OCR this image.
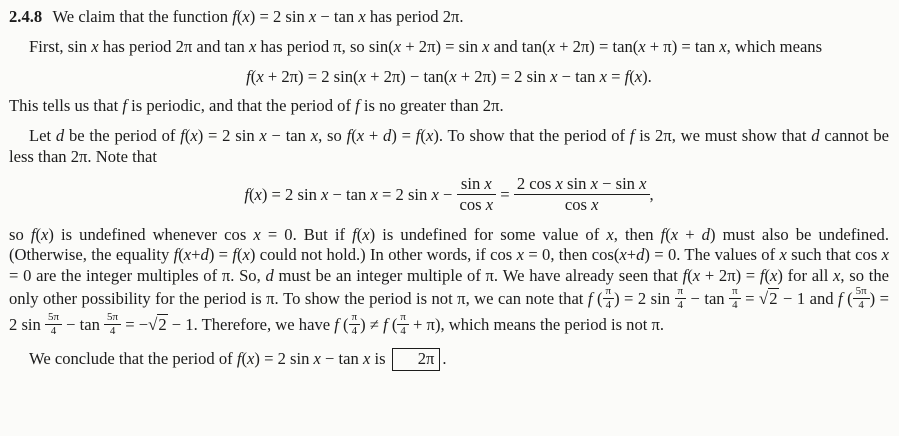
2.4.8 We claim that the function f(x) = 2 sin x − tan x has period 2π.

First, sin x has period 2π and tan x has period π, so sin(x + 2π) = sin x and tan(x + 2π) = tan(x + π) = tan x, which means

f(x + 2π) = 2 sin(x + 2π) − tan(x + 2π) = 2 sin x − tan x = f(x).

This tells us that f is periodic, and that the period of f is no greater than 2π.

Let d be the period of f(x) = 2 sin x − tan x, so f(x + d) = f(x). To show that the period of f is 2π, we must show that d cannot be less than 2π. Note that

f(x) = 2 sin x − tan x = 2 $\sin x - \frac{\text{sin x}}{\text{cos x}} = \frac{\text{2 cos x sin x − sin x}}{\text{cos x}}$ ,

so f(x) is undefined whenever cos x = 0. But if f(x) is undefined for some value of x, then f(x + d) must also be undefined. (Otherwise, the equality f(x+d) = f(x) could not hold.) In other words, if cos x = 0, then cos(x+d) = 0. The values of x such that cos x = 0 are the integer multiples of π. So, d must be an integer multiple of π. We have already seen that f(x + 2π) = f(x) for all x, so the only other possibility for the period is π. To show the period is not π, we can note that f ( $\frac{\pi}{4}$ ) = 2 $\sin \frac{\pi}{4} - \tan \frac{\pi}{4} = √2 - 1$ and f ( $\frac{5\pi}{4}$ ) = 2 $\sin \frac{5\pi}{4} - \tan \frac{5\pi}{4} = -√2 - 1$. Therefore, we have f ( $\frac{\pi}{4}$ ) ≠ f ( $\frac{\pi}{4} + \pi$), which means the period is not π.

We conclude that the period of f(x) = 2 sin x − tan x is 2π .
